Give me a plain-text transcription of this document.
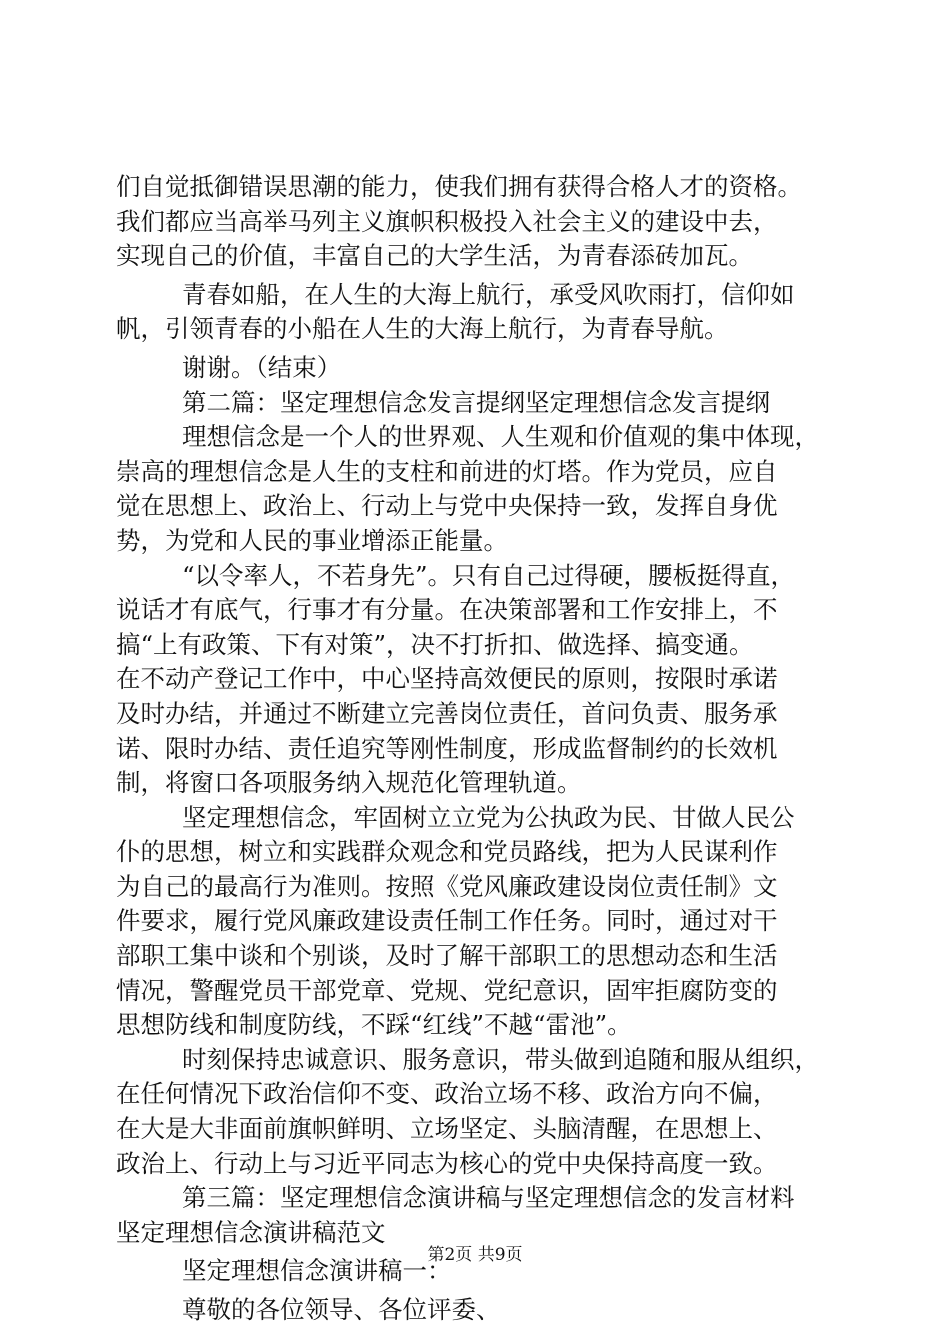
们自觉抵御错误思潮的能力，使我们拥有获得合格人才的资格。
我们都应当高举马列主义旗帜积极投入社会主义的建设中去，
实现自己的价值，丰富自己的大学生活，为青春添砖加瓦。
青春如船，在人生的大海上航行，承受风吹雨打，信仰如
帆，引领青春的小船在人生的大海上航行，为青春导航。
谢谢。（结束）
第二篇：坚定理想信念发言提纲坚定理想信念发言提纲
理想信念是一个人的世界观、人生观和价值观的集中体现，
崇高的理想信念是人生的支柱和前进的灯塔。作为党员，应自
觉在思想上、政治上、行动上与党中央保持一致，发挥自身优
势，为党和人民的事业增添正能量。
“以令率人，不若身先”。只有自己过得硬，腰板挺得直，
说话才有底气，行事才有分量。在决策部署和工作安排上，不
搞“上有政策、下有对策”，决不打折扣、做选择、搞变通。
在不动产登记工作中，中心坚持高效便民的原则，按限时承诺
及时办结，并通过不断建立完善岗位责任，首问负责、服务承
诺、限时办结、责任追究等刚性制度，形成监督制约的长效机
制，将窗口各项服务纳入规范化管理轨道。
坚定理想信念，牢固树立立党为公执政为民、甘做人民公
仆的思想，树立和实践群众观念和党员路线，把为人民谋利作
为自己的最高行为准则。按照《党风廉政建设岗位责任制》文
件要求，履行党风廉政建设责任制工作任务。同时，通过对干
部职工集中谈和个别谈，及时了解干部职工的思想动态和生活
情况，警醒党员干部党章、党规、党纪意识，固牢拒腐防变的
思想防线和制度防线，不踩“红线”不越“雷池”。
时刻保持忠诚意识、服务意识，带头做到追随和服从组织，
在任何情况下政治信仰不变、政治立场不移、政治方向不偏，
在大是大非面前旗帜鲜明、立场坚定、头脑清醒，在思想上、
政治上、行动上与习近平同志为核心的党中央保持高度一致。
第三篇：坚定理想信念演讲稿与坚定理想信念的发言材料
坚定理想信念演讲稿范文
坚定理想信念演讲稿一：
尊敬的各位领导、各位评委、
第2页 共9页
